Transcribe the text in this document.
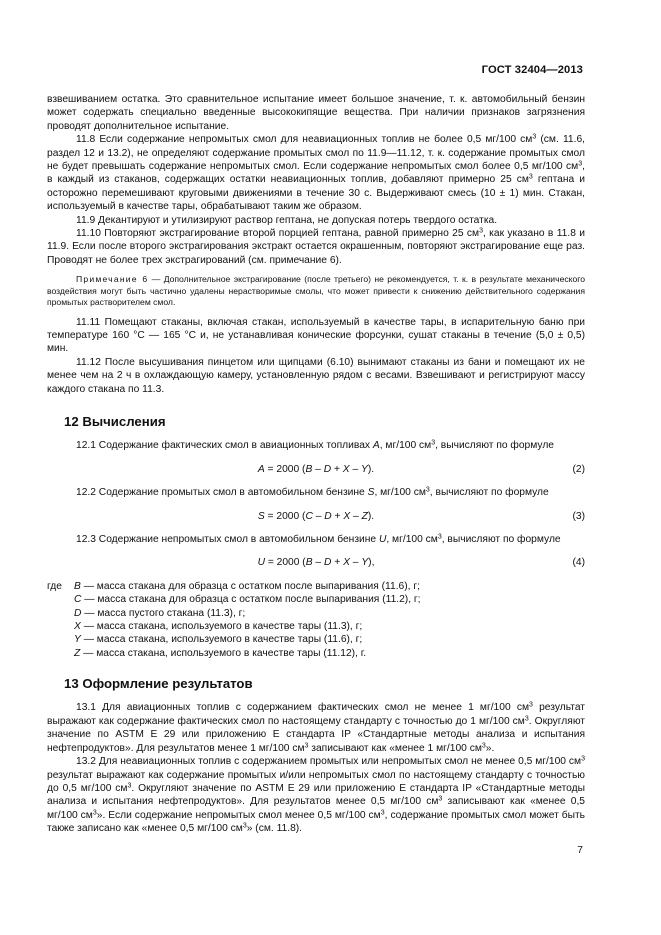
ГОСТ 32404—2013

взвешиванием остатка. Это сравнительное испытание имеет большое значение, т. к. автомобильный бензин может содержать специально введенные высококипящие вещества. При наличии признаков загрязнения проводят дополнительное испытание.

11.8 Если содержание непромытых смол для неавиационных топлив не более 0,5 мг/100 $см^3$ (см. 11.6, раздел 12 и 13.2), не определяют содержание промытых смол по 11.9—11.12, т. к. содержание промытых смол не будет превышать содержание непромытых смол. Если содержание непромытых смол более 0,5 мг/100 $см^3$, в каждый из стаканов, содержащих остатки неавиационных топлив, добавляют примерно 25 $см^3$ гептана и осторожно перемешивают круговыми движениями в течение 30 с. Выдерживают смесь (10 ± 1) мин. Стакан, используемый в качестве тары, обрабатывают таким же образом.

11.9 Декантируют и утилизируют раствор гептана, не допуская потерь твердого остатка.

11.10 Повторяют экстрагирование второй порцией гептана, равной примерно 25 $см^3$, как указано в 11.8 и 11.9. Если после второго экстрагирования экстракт остается окрашенным, повторяют экстрагирование еще раз. Проводят не более трех экстрагирований (см. примечание 6).

Примечание 6 — Дополнительное экстрагирование (после третьего) не рекомендуется, т. к. в результате механического воздействия могут быть частично удалены нерастворимые смолы, что может привести к снижению действительного содержания промытых растворителем смол.

11.11 Помещают стаканы, включая стакан, используемый в качестве тары, в испарительную баню при температуре 160 °С — 165 °С и, не устанавливая конические форсунки, сушат стаканы в течение (5,0 ± 0,5) мин.

11.12 После высушивания пинцетом или щипцами (6.10) вынимают стаканы из бани и помещают их не менее чем на 2 ч в охлаждающую камеру, установленную рядом с весами. Взвешивают и регистрируют массу каждого стакана по 11.3.

12 Вычисления

12.1 Содержание фактических смол в авиационных топливах A, мг/100 $см^3$, вычисляют по формуле

A = 2000 (B – D + X – Y).	(2)

12.2 Содержание промытых смол в автомобильном бензине S, мг/100 $см^3$, вычисляют по формуле

S = 2000 (C – D + X – Z).	(3)

12.3 Содержание непромытых смол в автомобильном бензине U, мг/100 $см^3$, вычисляют по формуле

U = 2000 (B – D + X – Y),	(4)
где B — масса стакана для образца с остатком после выпаривания (11.6), г;
C — масса стакана для образца с остатком после выпаривания (11.2), г;
D — масса пустого стакана (11.3), г;
X — масса стакана, используемого в качестве тары (11.3), г;
Y — масса стакана, используемого в качестве тары (11.6), г;
Z — масса стакана, используемого в качестве тары (11.12), г.
13 Оформление результатов

13.1 Для авиационных топлив с содержанием фактических смол не менее 1 мг/100 $см^3$ результат выражают как содержание фактических смол по настоящему стандарту с точностью до 1 мг/100 $см^3$. Округляют значение по ASTM E 29 или приложению Е стандарта IP «Стандартные методы анализа и испытания нефтепродуктов». Для результатов менее 1 мг/100 $см^3$ записывают как «менее 1 мг/100 $см^3$».

13.2 Для неавиационных топлив с содержанием промытых или непромытых смол не менее 0,5 мг/100 $см^3$ результат выражают как содержание промытых и/или непромытых смол по настоящему стандарту с точностью до 0,5 мг/100 $см^3$. Округляют значение по ASTM E 29 или приложению Е стандарта IP «Стандартные методы анализа и испытания нефтепродуктов». Для результатов менее 0,5 мг/100 $см^3$ записывают как «менее 0,5 мг/100 $см^3$». Если содержание непромытых смол менее 0,5 мг/100 $см^3$, содержание промытых смол может быть также записано как «менее 0,5 мг/100 $см^3$» (см. 11.8).

7
